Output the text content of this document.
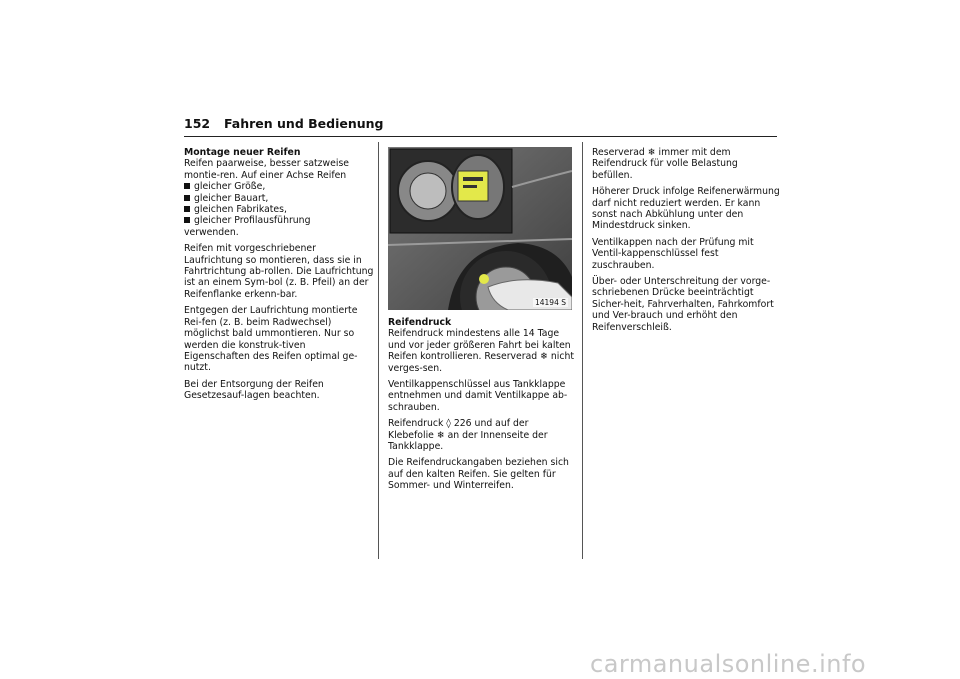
152 Fahren und Bedienung
Montage neuer Reifen
Reifen paarweise, besser satzweise montie-ren. Auf einer Achse Reifen
gleicher Größe,
gleicher Bauart,
gleichen Fabrikates,
gleicher Profilausführung

verwenden.

Reifen mit vorgeschriebener Laufrichtung so montieren, dass sie in Fahrtrichtung ab-rollen. Die Laufrichtung ist an einem Sym-bol (z. B. Pfeil) an der Reifenflanke erkenn-bar.

Entgegen der Laufrichtung montierte Rei-fen (z. B. beim Radwechsel) möglichst bald ummontieren. Nur so werden die konstruk-tiven Eigenschaften des Reifen optimal ge-nutzt.

Bei der Entsorgung der Reifen Gesetzesauf-lagen beachten.

14194 S
Reifendruck

Reifendruck mindestens alle 14 Tage und vor jeder größeren Fahrt bei kalten Reifen kontrollieren. Reserverad ❄ nicht verges-sen.

Ventilkappenschlüssel aus Tankklappe entnehmen und damit Ventilkappe ab-schrauben.

Reifendruck ◊ 226 und auf der Klebefolie ❄ an der Innenseite der Tankklappe.

Die Reifendruckangaben beziehen sich auf den kalten Reifen. Sie gelten für Sommer- und Winterreifen.

Reserverad ❄ immer mit dem Reifendruck für volle Belastung befüllen.

Höherer Druck infolge Reifenerwärmung darf nicht reduziert werden. Er kann sonst nach Abkühlung unter den Mindestdruck sinken.

Ventilkappen nach der Prüfung mit Ventil-kappenschlüssel fest zuschrauben.

Über- oder Unterschreitung der vorge-schriebenen Drücke beeinträchtigt Sicher-heit, Fahrverhalten, Fahrkomfort und Ver-brauch und erhöht den Reifenverschleiß.

carmanualsonline.info
